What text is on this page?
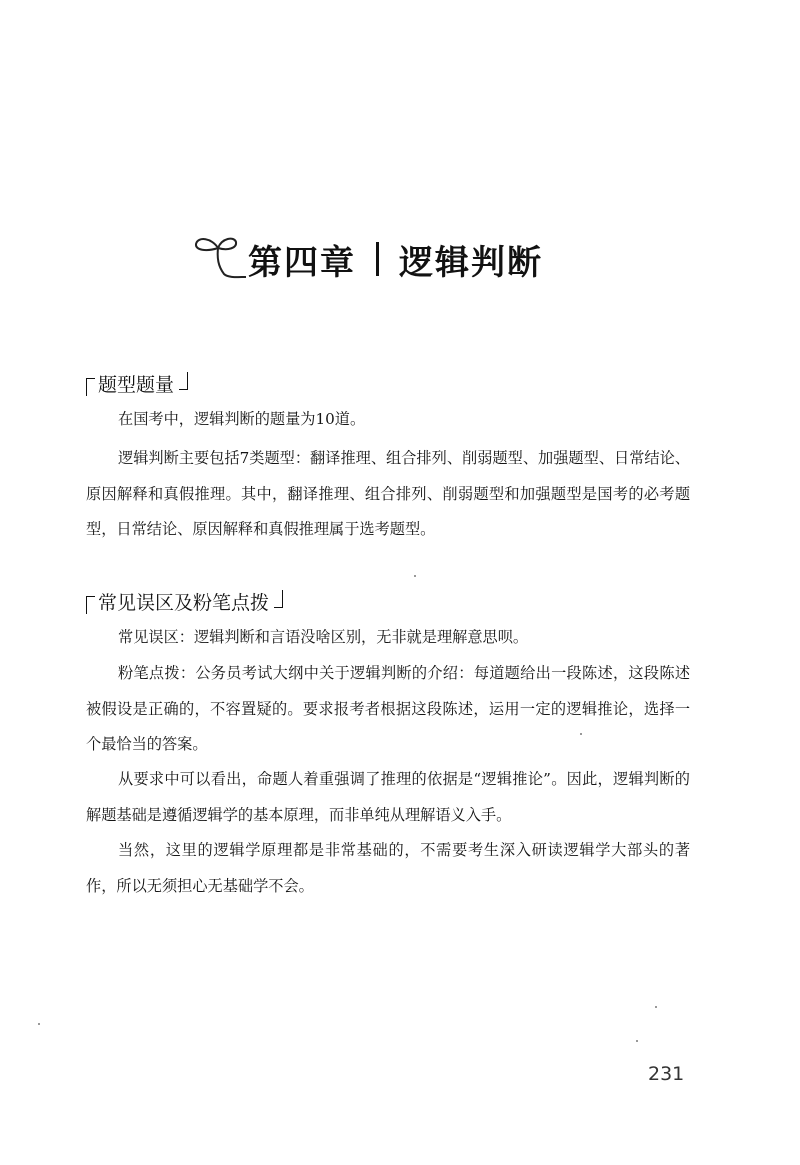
第四章 逻辑判断
题型题量

在国考中，逻辑判断的题量为10道。

逻辑判断主要包括7类题型：翻译推理、组合排列、削弱题型、加强题型、日常结论、原因解释和真假推理。其中，翻译推理、组合排列、削弱题型和加强题型是国考的必考题型，日常结论、原因解释和真假推理属于选考题型。

常见误区及粉笔点拨

常见误区：逻辑判断和言语没啥区别，无非就是理解意思呗。

粉笔点拨：公务员考试大纲中关于逻辑判断的介绍：每道题给出一段陈述，这段陈述被假设是正确的，不容置疑的。要求报考者根据这段陈述，运用一定的逻辑推论，选择一个最恰当的答案。

从要求中可以看出，命题人着重强调了推理的依据是“逻辑推论”。因此，逻辑判断的解题基础是遵循逻辑学的基本原理，而非单纯从理解语义入手。

当然，这里的逻辑学原理都是非常基础的，不需要考生深入研读逻辑学大部头的著作，所以无须担心无基础学不会。

231
